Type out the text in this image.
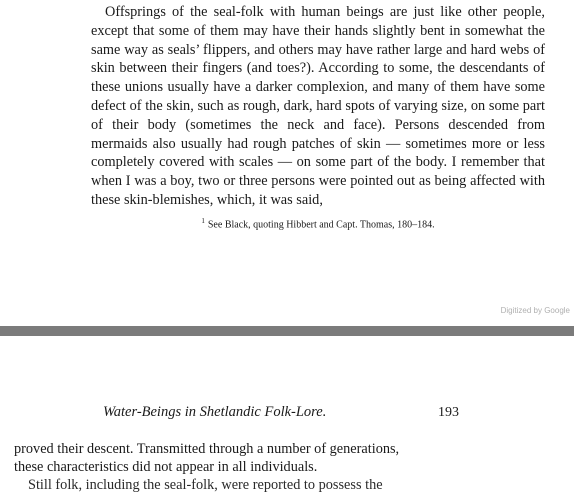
Offsprings of the seal-folk with human beings are just like other people, except that some of them may have their hands slightly bent in somewhat the same way as seals’ flippers, and others may have rather large and hard webs of skin between their fingers (and toes?). According to some, the descendants of these unions usually have a darker complexion, and many of them have some defect of the skin, such as rough, dark, hard spots of varying size, on some part of their body (sometimes the neck and face). Persons descended from mermaids also usually had rough patches of skin — sometimes more or less completely covered with scales — on some part of the body. I remember that when I was a boy, two or three persons were pointed out as being affected with these skin-blemishes, which, it was said,

$^1$ See Black, quoting Hibbert and Capt. Thomas, 180–184.
Digitized by Google
Water-Beings in Shetlandic Folk-Lore.	193
proved their descent. Transmitted through a number of generations,
these characteristics did not appear in all individuals.
Still folk, including the seal-folk, were reported to possess the
